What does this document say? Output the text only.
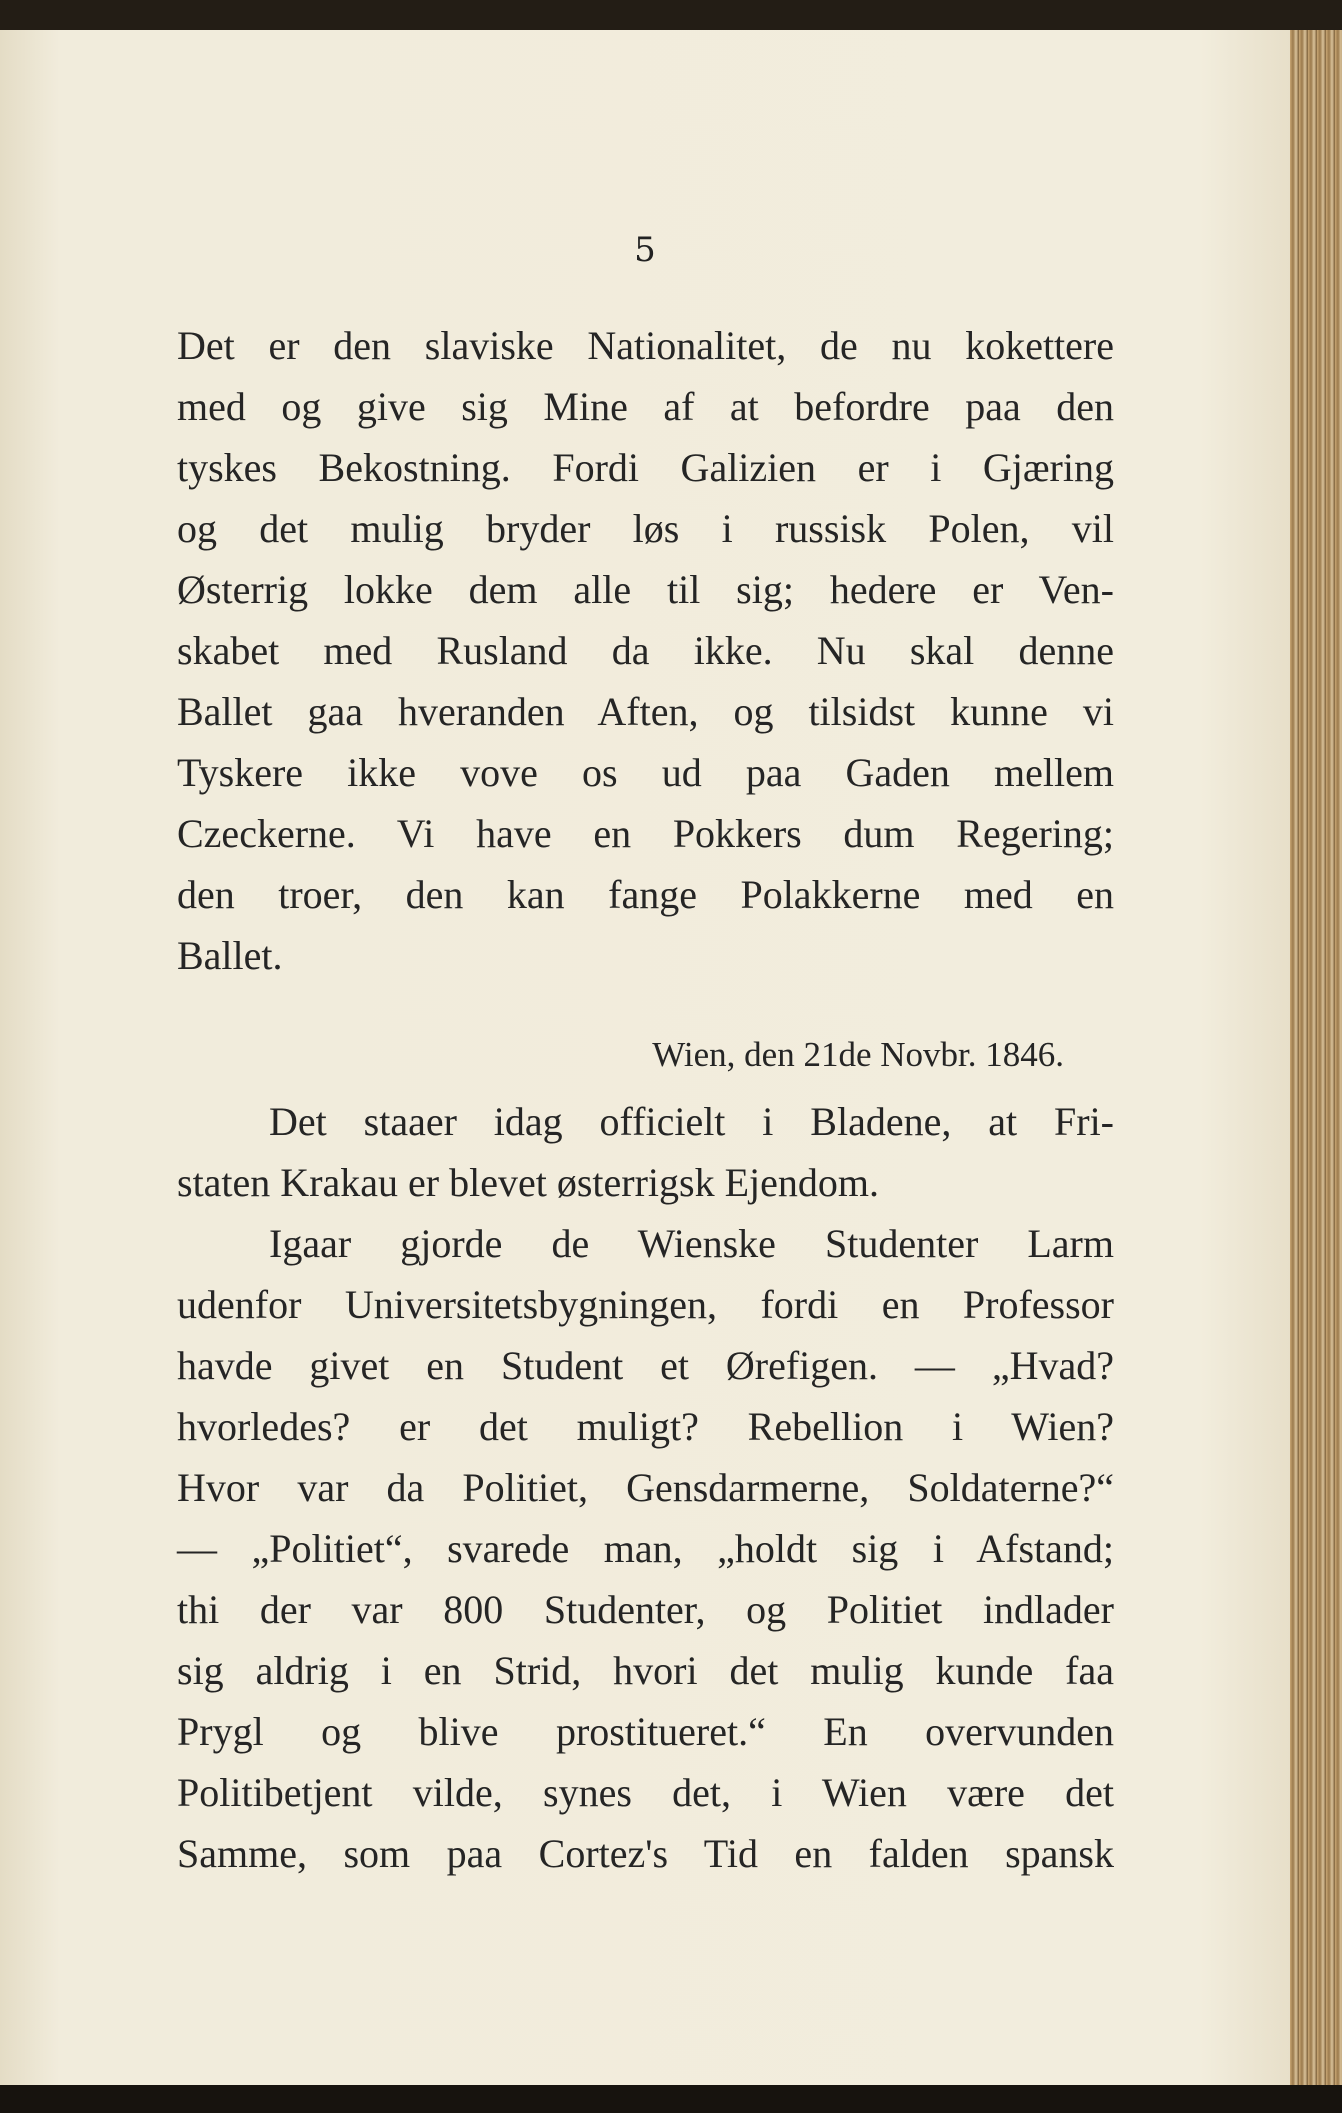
5
Det er den slaviske Nationalitet, de nu kokettere
med og give sig Mine af at befordre paa den
tyskes Bekostning. Fordi Galizien er i Gjæring
og det mulig bryder løs i russisk Polen, vil
Østerrig lokke dem alle til sig; hedere er Ven-
skabet med Rusland da ikke. Nu skal denne
Ballet gaa hveranden Aften, og tilsidst kunne vi
Tyskere ikke vove os ud paa Gaden mellem
Czeckerne. Vi have en Pokkers dum Regering;
den troer, den kan fange Polakkerne med en
Ballet.
Wien, den 21de Novbr. 1846.
Det staaer idag officielt i Bladene, at Fri-
staten Krakau er blevet østerrigsk Ejendom.
Igaar gjorde de Wienske Studenter Larm
udenfor Universitetsbygningen, fordi en Professor
havde givet en Student et Ørefigen. — „Hvad?
hvorledes? er det muligt? Rebellion i Wien?
Hvor var da Politiet, Gensdarmerne, Soldaterne?“
— „Politiet“, svarede man, „holdt sig i Afstand;
thi der var 800 Studenter, og Politiet indlader
sig aldrig i en Strid, hvori det mulig kunde faa
Prygl og blive prostitueret.“ En overvunden
Politibetjent vilde, synes det, i Wien være det
Samme, som paa Cortez's Tid en falden spansk
